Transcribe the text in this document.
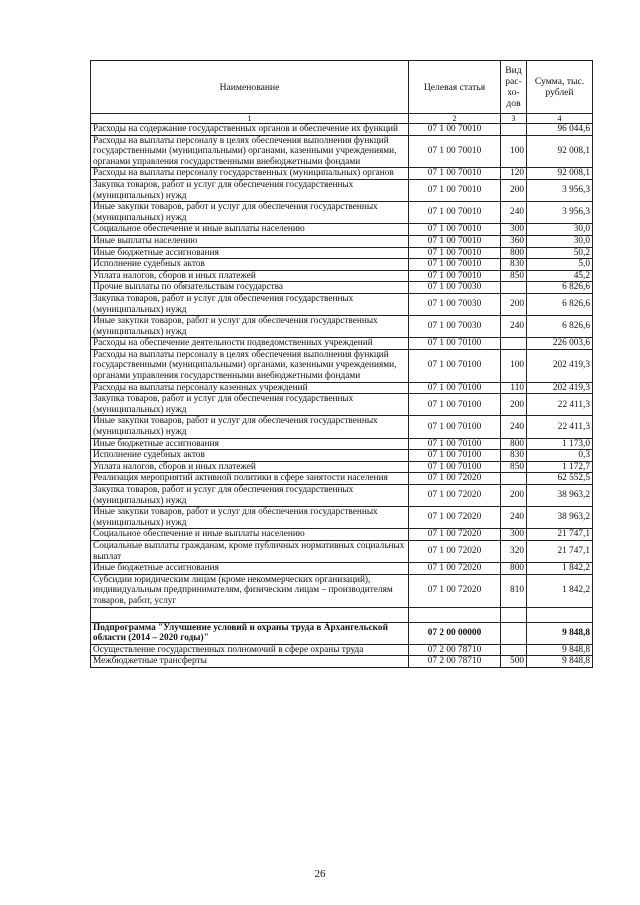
Наименование	Целевая статья	Вид рас-хо-дов	Сумма, тыс. рублей
1	2	3	4
Расходы на содержание государственных органов и обеспечение их функций	07 1 00 70010		96 044,6
Расходы на выплаты персоналу в целях обеспечения выполнения функций государственными (муниципальными) органами, казенными учреждениями, органами управления государственными внебюджетными фондами	07 1 00 70010	100	92 008,1
Расходы на выплаты персоналу государственных (муниципальных) органов	07 1 00 70010	120	92 008,1
Закупка товаров, работ и услуг для обеспечения государственных (муниципальных) нужд	07 1 00 70010	200	3 956,3
Иные закупки товаров, работ и услуг для обеспечения государственных (муниципальных) нужд	07 1 00 70010	240	3 956,3
Социальное обеспечение и иные выплаты населению	07 1 00 70010	300	30,0
Иные выплаты населению	07 1 00 70010	360	30,0
Иные бюджетные ассигнования	07 1 00 70010	800	50,2
Исполнение судебных актов	07 1 00 70010	830	5,0
Уплата налогов, сборов и иных платежей	07 1 00 70010	850	45,2
Прочие выплаты по обязательствам государства	07 1 00 70030		6 826,6
Закупка товаров, работ и услуг для обеспечения государственных (муниципальных) нужд	07 1 00 70030	200	6 826,6
Иные закупки товаров, работ и услуг для обеспечения государственных (муниципальных) нужд	07 1 00 70030	240	6 826,6
Расходы на обеспечение деятельности подведомственных учреждений	07 1 00 70100		226 003,6
Расходы на выплаты персоналу в целях обеспечения выполнения функций государственными (муниципальными) органами, казенными учреждениями, органами управления государственными внебюджетными фондами	07 1 00 70100	100	202 419,3
Расходы на выплаты персоналу казенных учреждений	07 1 00 70100	110	202 419,3
Закупка товаров, работ и услуг для обеспечения государственных (муниципальных) нужд	07 1 00 70100	200	22 411,3
Иные закупки товаров, работ и услуг для обеспечения государственных (муниципальных) нужд	07 1 00 70100	240	22 411,3
Иные бюджетные ассигнования	07 1 00 70100	800	1 173,0
Исполнение судебных актов	07 1 00 70100	830	0,3
Уплата налогов, сборов и иных платежей	07 1 00 70100	850	1 172,7
Реализация мероприятий активной политики в сфере занятости населения	07 1 00 72020		62 552,5
Закупка товаров, работ и услуг для обеспечения государственных (муниципальных) нужд	07 1 00 72020	200	38 963,2
Иные закупки товаров, работ и услуг для обеспечения государственных (муниципальных) нужд	07 1 00 72020	240	38 963,2
Социальное обеспечение и иные выплаты населению	07 1 00 72020	300	21 747,1
Социальные выплаты гражданам, кроме публичных нормативных социальных выплат	07 1 00 72020	320	21 747,1
Иные бюджетные ассигнования	07 1 00 72020	800	1 842,2
Субсидии юридическим лицам (кроме некоммерческих организаций), индивидуальным предпринимателям, физическим лицам – производителям товаров, работ, услуг	07 1 00 72020	810	1 842,2

Подпрограмма "Улучшение условий и охраны труда в Архангельской области (2014 – 2020 годы)"	07 2 00 00000		9 848,8
Осуществление государственных полномочий в сфере охраны труда	07 2 00 78710		9 848,8
Межбюджетные трансферты	07 2 00 78710	500	9 848,8
26
